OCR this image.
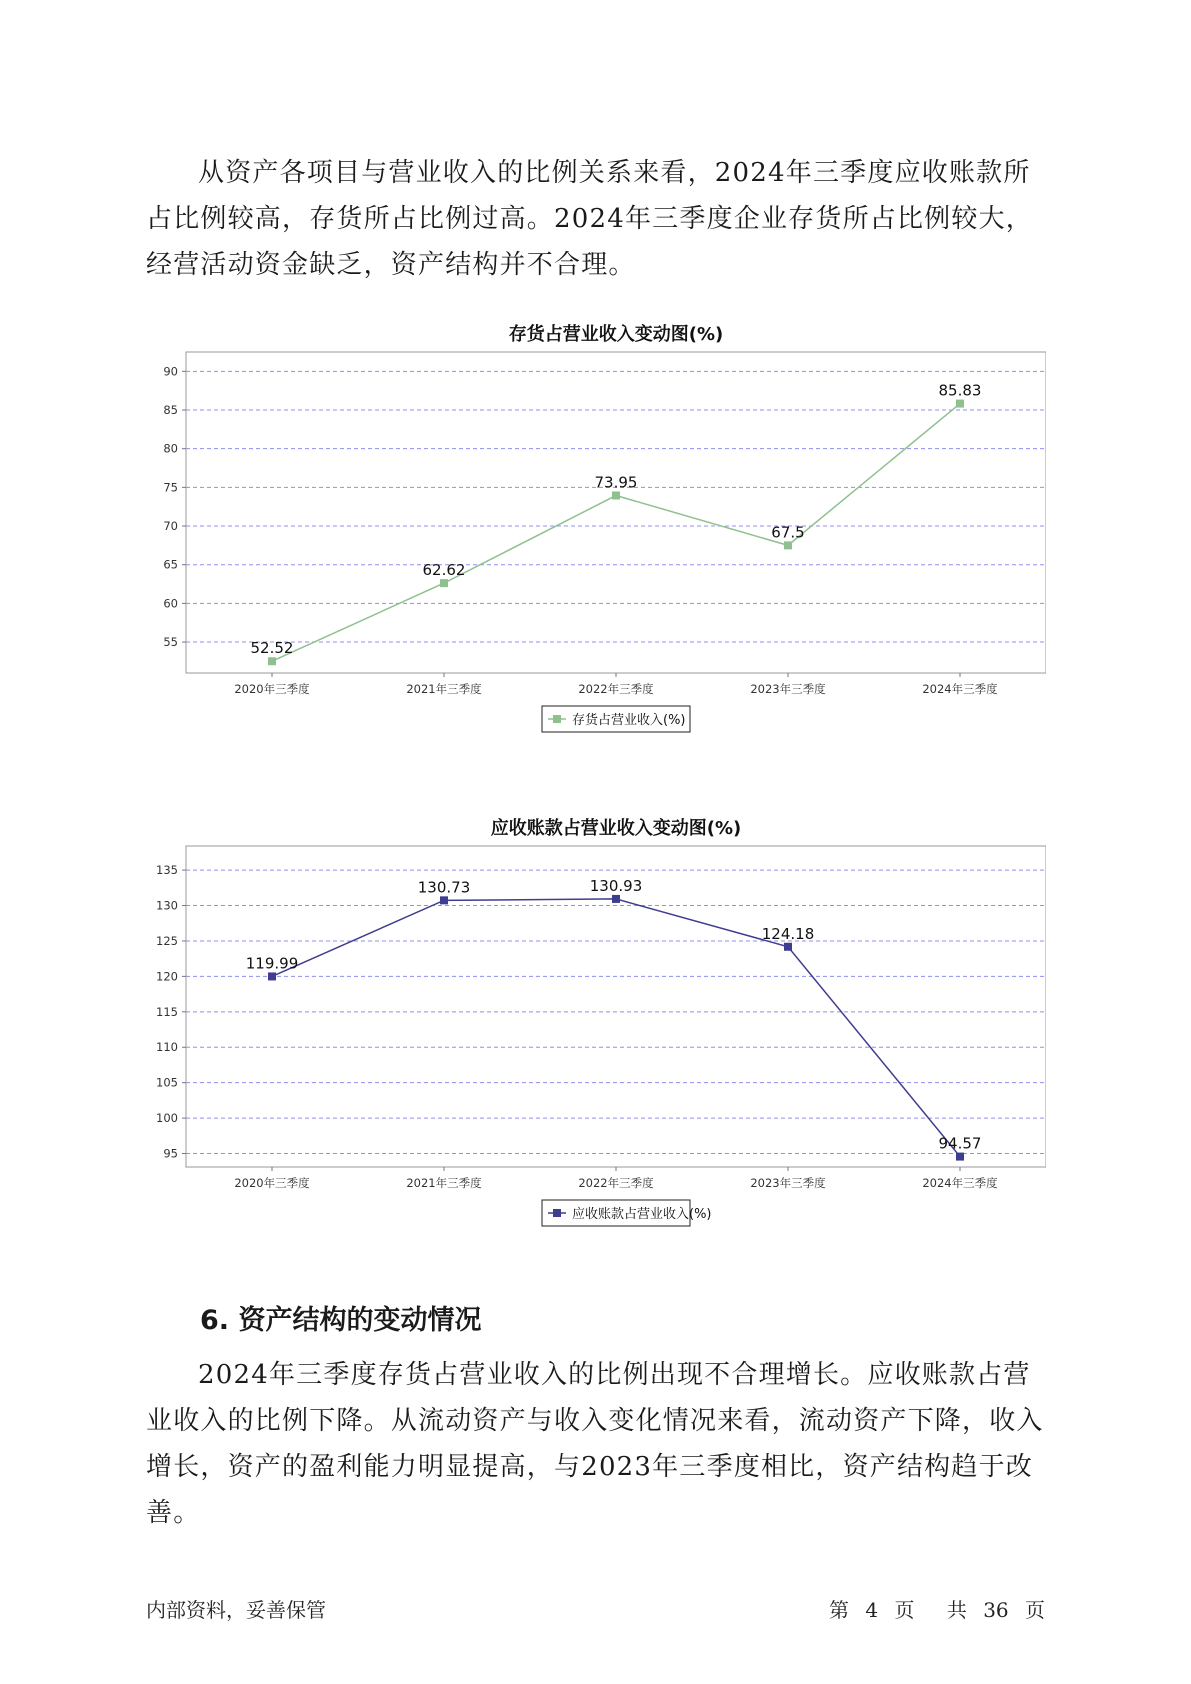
从资产各项目与营业收入的比例关系来看，2024年三季度应收账款所占比例较高，存货所占比例过高。2024年三季度企业存货所占比例较大，经营活动资金缺乏，资产结构并不合理。

存货占营业收入变动图(%)
55
60
65
70
75
80
85
90
2020年三季度	2021年三季度	2022年三季度	2023年三季度	2024年三季度
52.52
62.62
73.95
67.5
85.83
存货占营业收入(%)
应收账款占营业收入变动图(%)
95
100
105
110
115
120
125
130
135
2020年三季度	2021年三季度	2022年三季度	2023年三季度	2024年三季度
119.99
130.73	130.93
124.18
94.57
应收账款占营业收入(%)
6. 资产结构的变动情况

2024年三季度存货占营业收入的比例出现不合理增长。应收账款占营业收入的比例下降。从流动资产与收入变化情况来看，流动资产下降，收入增长，资产的盈利能力明显提高，与2023年三季度相比，资产结构趋于改善。

内部资料，妥善保管	第 4 页 共 36 页
